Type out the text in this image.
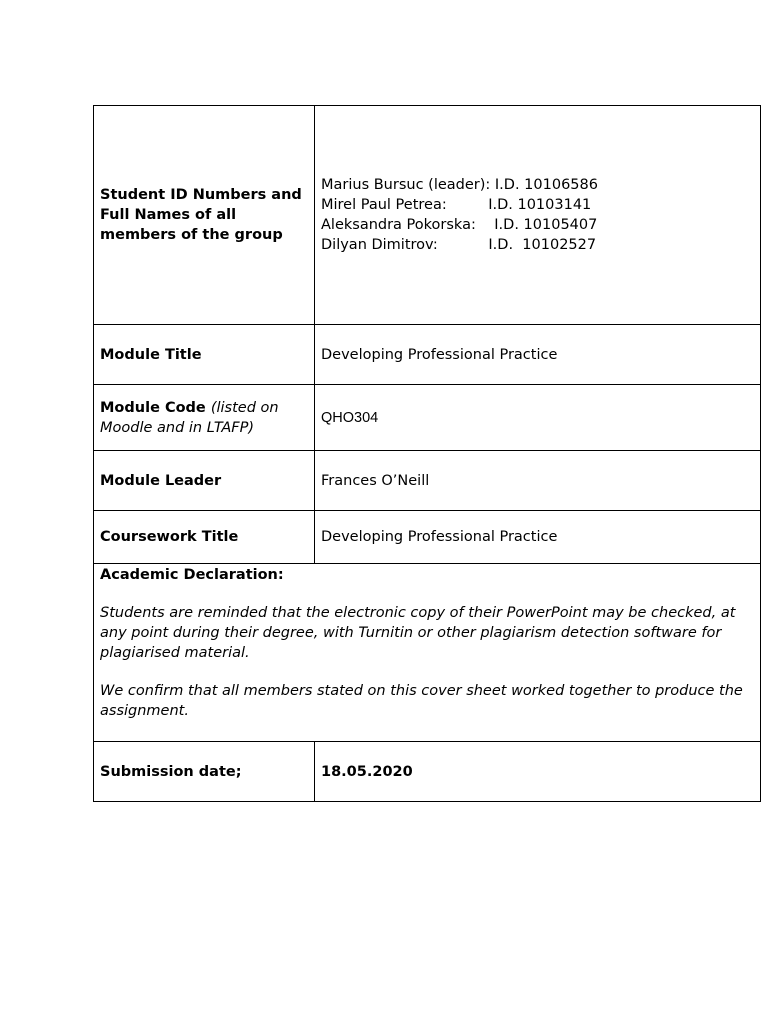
Student ID Numbers and Full Names of all members of the group	Marius Bursuc (leader): I.D. 10106586
Mirel Paul Petrea:         I.D. 10103141
Aleksandra Pokorska:    I.D. 10105407
Dilyan Dimitrov:           I.D.  10102527

Module Title	Developing Professional Practice
Module Code (listed on Moodle and in LTAFP)	QHO304
Module Leader	Frances O’Neill
Coursework Title	Developing Professional Practice

Academic Declaration:
Students are reminded that the electronic copy of their PowerPoint may be checked, at any point during their degree, with Turnitin or other plagiarism detection software for plagiarised material.
We confirm that all members stated on this cover sheet worked together to produce the assignment.	

Submission date;	18.05.2020
